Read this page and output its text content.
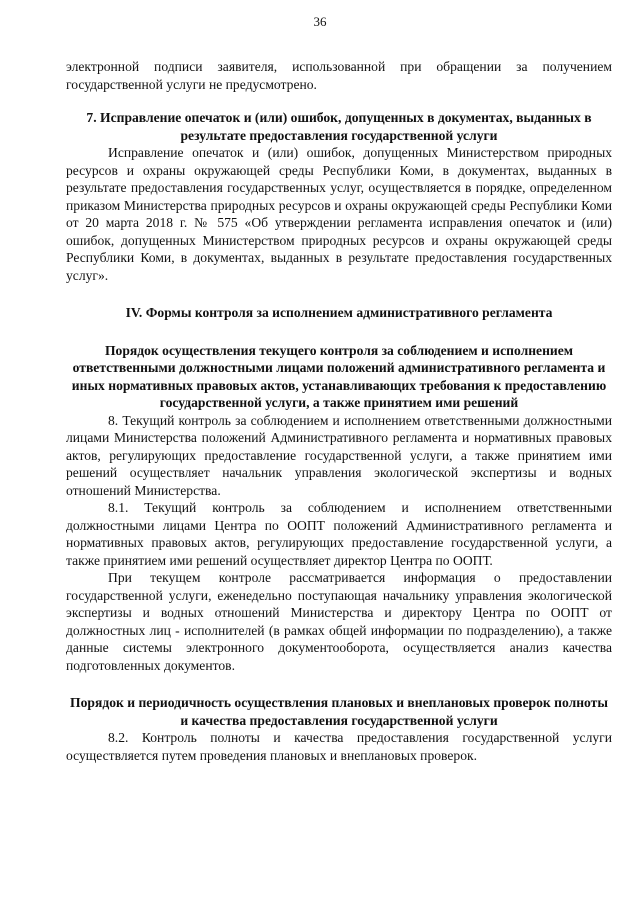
36

электронной подписи заявителя, использованной при обращении за получением государственной услуги не предусмотрено.

7. Исправление опечаток и (или) ошибок, допущенных в документах, выданных в результате предоставления государственной услуги

Исправление опечаток и (или) ошибок, допущенных Министерством природных ресурсов и охраны окружающей среды Республики Коми, в документах, выданных в результате предоставления государственных услуг, осуществляется в порядке, определенном приказом Министерства природных ресурсов и охраны окружающей среды Республики Коми от 20 марта 2018 г. № 575 «Об утверждении регламента исправления опечаток и (или) ошибок, допущенных Министерством природных ресурсов и охраны окружающей среды Республики Коми, в документах, выданных в результате предоставления государственных услуг».

IV. Формы контроля за исполнением административного регламента

Порядок осуществления текущего контроля за соблюдением и исполнением ответственными должностными лицами положений административного регламента и иных нормативных правовых актов, устанавливающих требования к предоставлению государственной услуги, а также принятием ими решений

8. Текущий контроль за соблюдением и исполнением ответственными должностными лицами Министерства положений Административного регламента и нормативных правовых актов, регулирующих предоставление государственной услуги, а также принятием ими решений осуществляет начальник управления экологической экспертизы и водных отношений Министерства.

8.1. Текущий контроль за соблюдением и исполнением ответственными должностными лицами Центра по ООПТ положений Административного регламента и нормативных правовых актов, регулирующих предоставление государственной услуги, а также принятием ими решений осуществляет директор Центра по ООПТ.

При текущем контроле рассматривается информация о предоставлении государственной услуги, еженедельно поступающая начальнику управления экологической экспертизы и водных отношений Министерства и директору Центра по ООПТ от должностных лиц - исполнителей (в рамках общей информации по подразделению), а также данные системы электронного документооборота, осуществляется анализ качества подготовленных документов.

Порядок и периодичность осуществления плановых и внеплановых проверок полноты и качества предоставления государственной услуги

8.2. Контроль полноты и качества предоставления государственной услуги осуществляется путем проведения плановых и внеплановых проверок.
